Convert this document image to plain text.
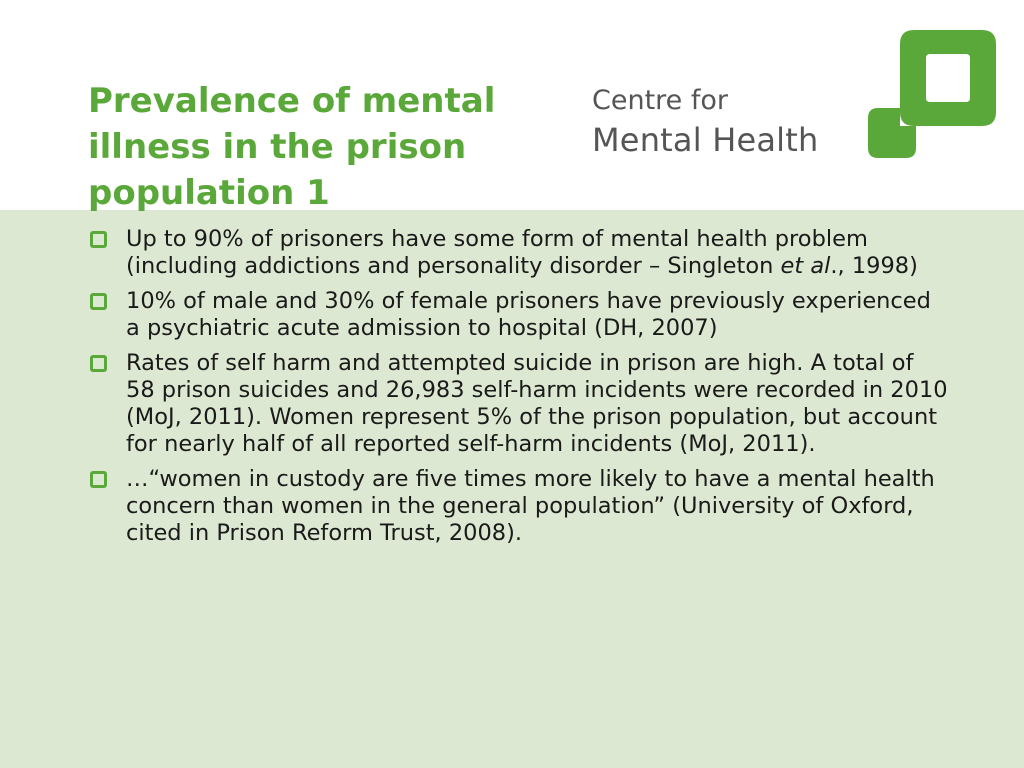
Prevalence of mental illness in the prison population 1
Centre for
Mental Health
Up to 90% of prisoners have some form of mental health problem (including addictions and personality disorder – Singleton et al., 1998)
10% of male and 30% of female prisoners have previously experienced a psychiatric acute admission to hospital (DH, 2007)
Rates of self harm and attempted suicide in prison are high. A total of 58 prison suicides and 26,983 self-harm incidents were recorded in 2010 (MoJ, 2011). Women represent 5% of the prison population, but account for nearly half of all reported self-harm incidents (MoJ, 2011).
…“women in custody are five times more likely to have a mental health concern than women in the general population” (University of Oxford, cited in Prison Reform Trust, 2008).
